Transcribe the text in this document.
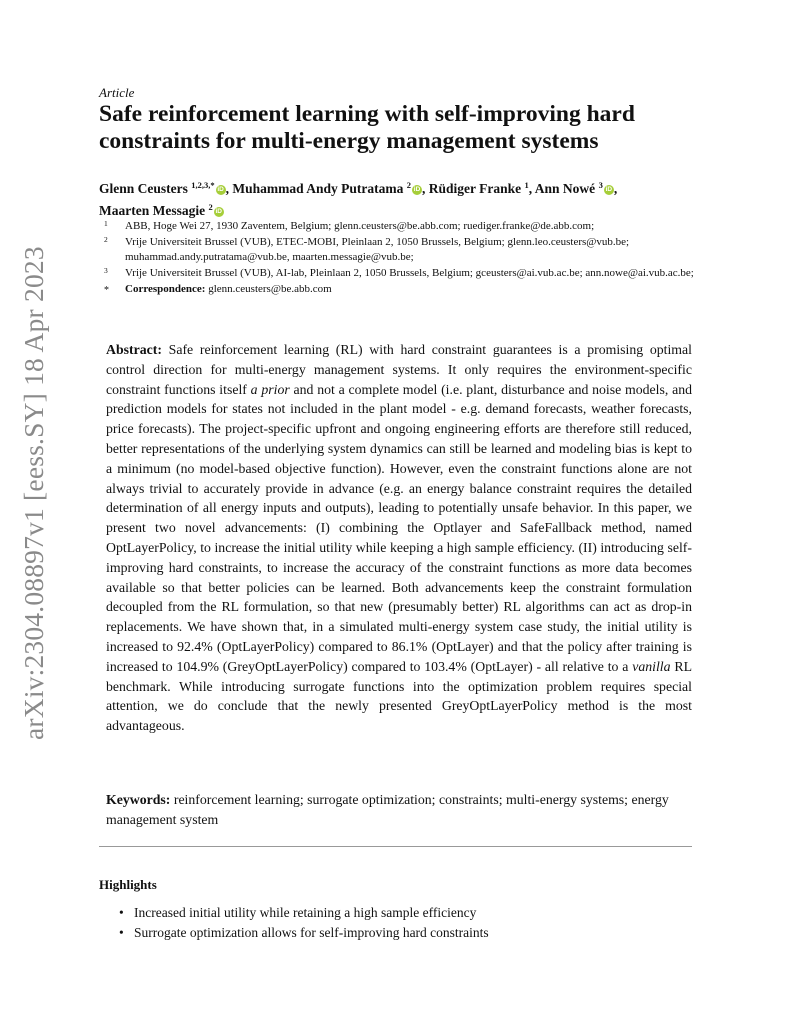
arXiv:2304.08897v1 [eess.SY] 18 Apr 2023
Article
Safe reinforcement learning with self-improving hard constraints for multi-energy management systems
Glenn Ceusters $^{1,2,3,*}$ iD , Muhammad Andy Putratama $^2$ iD , Rüdiger Franke $^1$, Ann Nowé $^3$ iD ,
Maarten Messagie $^2$ iD
1 ABB, Hoge Wei 27, 1930 Zaventem, Belgium; glenn.ceusters@be.abb.com; ruediger.franke@de.abb.com;
2 Vrije Universiteit Brussel (VUB), ETEC-MOBI, Pleinlaan 2, 1050 Brussels, Belgium; glenn.leo.ceusters@vub.be; muhammad.andy.putratama@vub.be, maarten.messagie@vub.be;
3 Vrije Universiteit Brussel (VUB), AI-lab, Pleinlaan 2, 1050 Brussels, Belgium; gceusters@ai.vub.ac.be; ann.nowe@ai.vub.ac.be;
* Correspondence: glenn.ceusters@be.abb.com

Abstract: Safe reinforcement learning (RL) with hard constraint guarantees is a promising optimal control direction for multi-energy management systems. It only requires the environment-specific constraint functions itself a prior and not a complete model (i.e. plant, disturbance and noise models, and prediction models for states not included in the plant model - e.g. demand forecasts, weather forecasts, price forecasts). The project-specific upfront and ongoing engineering efforts are therefore still reduced, better representations of the underlying system dynamics can still be learned and modeling bias is kept to a minimum (no model-based objective function). However, even the constraint functions alone are not always trivial to accurately provide in advance (e.g. an energy balance constraint requires the detailed determination of all energy inputs and outputs), leading to potentially unsafe behavior. In this paper, we present two novel advancements: (I) combining the Optlayer and SafeFallback method, named OptLayerPolicy, to increase the initial utility while keeping a high sample efficiency. (II) introducing self-improving hard constraints, to increase the accuracy of the constraint functions as more data becomes available so that better policies can be learned. Both advancements keep the constraint formulation decoupled from the RL formulation, so that new (presumably better) RL algorithms can act as drop-in replacements. We have shown that, in a simulated multi-energy system case study, the initial utility is increased to 92.4% (OptLayerPolicy) compared to 86.1% (OptLayer) and that the policy after training is increased to 104.9% (GreyOptLayerPolicy) compared to 103.4% (OptLayer) - all relative to a vanilla RL benchmark. While introducing surrogate functions into the optimization problem requires special attention, we do conclude that the newly presented GreyOptLayerPolicy method is the most advantageous.

Keywords: reinforcement learning; surrogate optimization; constraints; multi-energy systems; energy management system

Highlights
• Increased initial utility while retaining a high sample efficiency
• Surrogate optimization allows for self-improving hard constraints
